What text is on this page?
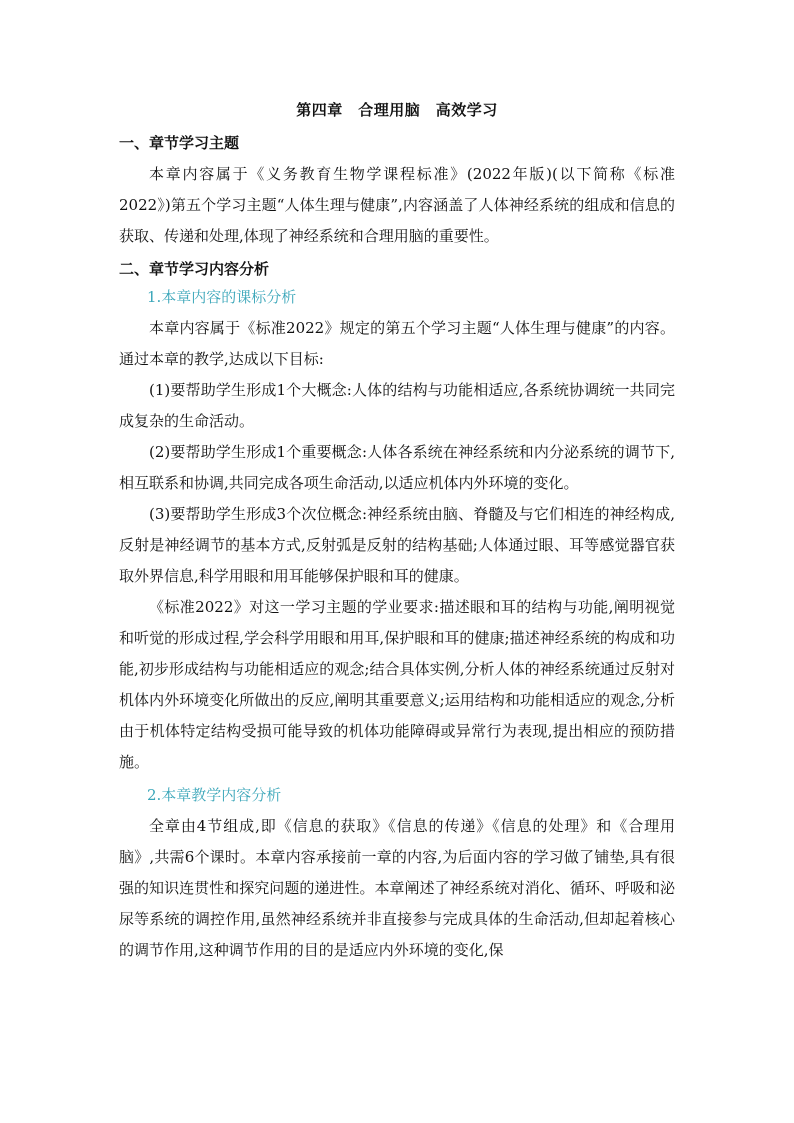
第四章　合理用脑　高效学习
一、章节学习主题

本章内容属于《义务教育生物学课程标准》(2022年版)(以下简称《标准2022》)第五个学习主题“人体生理与健康”,内容涵盖了人体神经系统的组成和信息的获取、传递和处理,体现了神经系统和合理用脑的重要性。

二、章节学习内容分析
1.本章内容的课标分析

本章内容属于《标准2022》规定的第五个学习主题“人体生理与健康”的内容。通过本章的教学,达成以下目标:

(1)要帮助学生形成1个大概念:人体的结构与功能相适应,各系统协调统一共同完成复杂的生命活动。

(2)要帮助学生形成1个重要概念:人体各系统在神经系统和内分泌系统的调节下,相互联系和协调,共同完成各项生命活动,以适应机体内外环境的变化。

(3)要帮助学生形成3个次位概念:神经系统由脑、脊髓及与它们相连的神经构成,反射是神经调节的基本方式,反射弧是反射的结构基础;人体通过眼、耳等感觉器官获取外界信息,科学用眼和用耳能够保护眼和耳的健康。

《标准2022》对这一学习主题的学业要求:描述眼和耳的结构与功能,阐明视觉和听觉的形成过程,学会科学用眼和用耳,保护眼和耳的健康;描述神经系统的构成和功能,初步形成结构与功能相适应的观念;结合具体实例,分析人体的神经系统通过反射对机体内外环境变化所做出的反应,阐明其重要意义;运用结构和功能相适应的观念,分析由于机体特定结构受损可能导致的机体功能障碍或异常行为表现,提出相应的预防措施。

2.本章教学内容分析

全章由4节组成,即《信息的获取》《信息的传递》《信息的处理》和《合理用脑》,共需6个课时。本章内容承接前一章的内容,为后面内容的学习做了铺垫,具有很强的知识连贯性和探究问题的递进性。本章阐述了神经系统对消化、循环、呼吸和泌尿等系统的调控作用,虽然神经系统并非直接参与完成具体的生命活动,但却起着核心的调节作用,这种调节作用的目的是适应内外环境的变化,保
